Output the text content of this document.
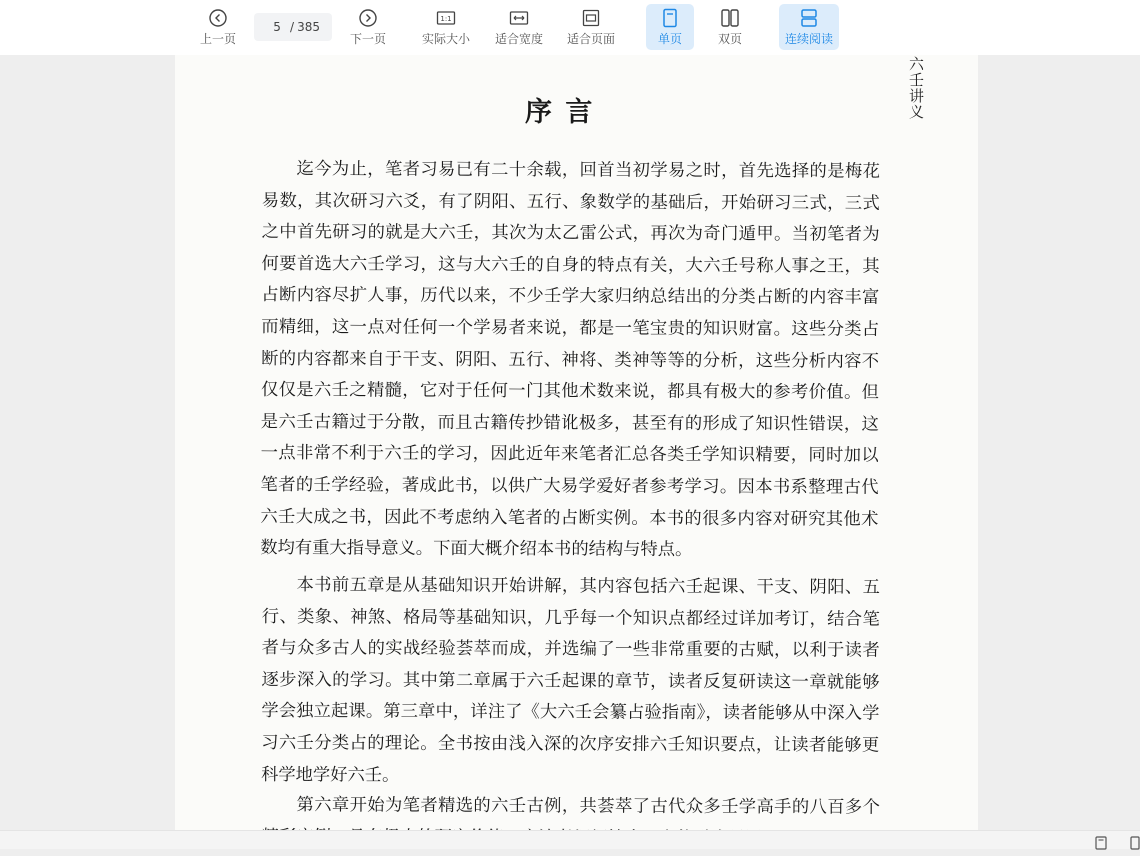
上一页
5 / 385
下一页
1:1
实际大小 适合宽度 适合页面	单页	双页	连续阅读
六壬讲义
序 言

迄今为止，笔者习易已有二十余载，回首当初学易之时，首先选择的是梅花易数，其次研习六爻，有了阴阳、五行、象数学的基础后，开始研习三式，三式之中首先研习的就是大六壬，其次为太乙雷公式，再次为奇门遁甲。当初笔者为何要首选大六壬学习，这与大六壬的自身的特点有关，大六壬号称人事之王，其占断内容尽扩人事，历代以来，不少壬学大家归纳总结出的分类占断的内容丰富而精细，这一点对任何一个学易者来说，都是一笔宝贵的知识财富。这些分类占断的内容都来自于干支、阴阳、五行、神将、类神等等的分析，这些分析内容不仅仅是六壬之精髓，它对于任何一门其他术数来说，都具有极大的参考价值。但是六壬古籍过于分散，而且古籍传抄错讹极多，甚至有的形成了知识性错误，这一点非常不利于六壬的学习，因此近年来笔者汇总各类壬学知识精要，同时加以笔者的壬学经验，著成此书，以供广大易学爱好者参考学习。因本书系整理古代六壬大成之书，因此不考虑纳入笔者的占断实例。本书的很多内容对研究其他术数均有重大指导意义。下面大概介绍本书的结构与特点。

本书前五章是从基础知识开始讲解，其内容包括六壬起课、干支、阴阳、五行、类象、神煞、格局等基础知识，几乎每一个知识点都经过详加考订，结合笔者与众多古人的实战经验荟萃而成，并选编了一些非常重要的古赋，以利于读者逐步深入的学习。其中第二章属于六壬起课的章节，读者反复研读这一章就能够学会独立起课。第三章中，详注了《大六壬会纂占验指南》，读者能够从中深入学习六壬分类占的理论。全书按由浅入深的次序安排六壬知识要点，让读者能够更科学地学好六壬。

第六章开始为笔者精选的六壬古例，共荟萃了古代众多壬学高手的八百多个精彩实例，具有极大的研究价值，宜读者细细揣摩，方能融会贯通。
